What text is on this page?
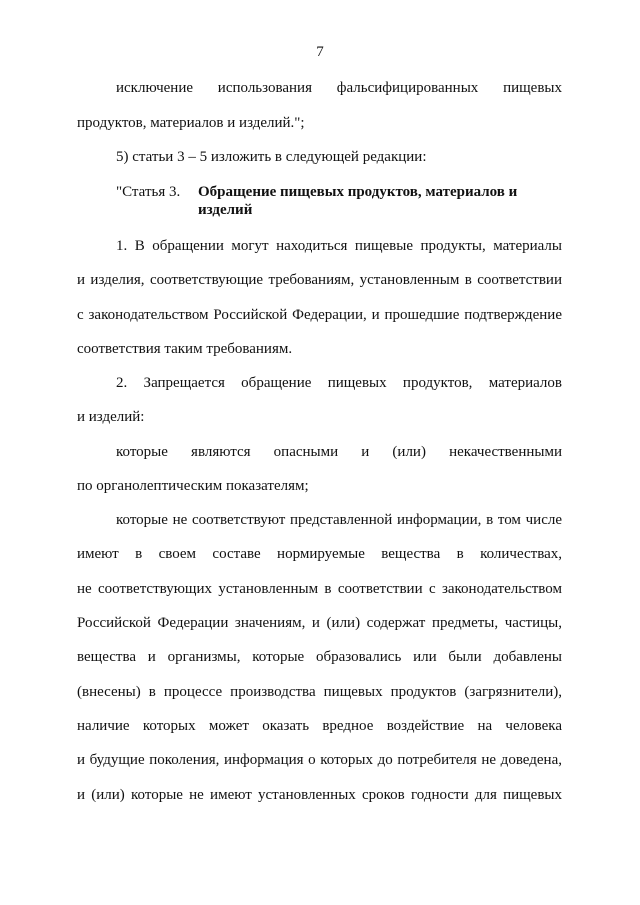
7
исключение использования фальсифицированных пищевых
продуктов, материалов и изделий.";
5) статьи 3 – 5 изложить в следующей редакции:
"Статья 3. Обращение пищевых продуктов, материалов и
изделий
1. В обращении могут находиться пищевые продукты, материалы
и изделия, соответствующие требованиям, установленным в соответствии
с законодательством Российской Федерации, и прошедшие подтверждение
соответствия таким требованиям.
2. Запрещается обращение пищевых продуктов, материалов
и изделий:
которые являются опасными и (или) некачественными
по органолептическим показателям;
которые не соответствуют представленной информации, в том числе
имеют в своем составе нормируемые вещества в количествах,
не соответствующих установленным в соответствии с законодательством
Российской Федерации значениям, и (или) содержат предметы, частицы,
вещества и организмы, которые образовались или были добавлены
(внесены) в процессе производства пищевых продуктов (загрязнители),
наличие которых может оказать вредное воздействие на человека
и будущие поколения, информация о которых до потребителя не доведена,
и (или) которые не имеют установленных сроков годности для пищевых
